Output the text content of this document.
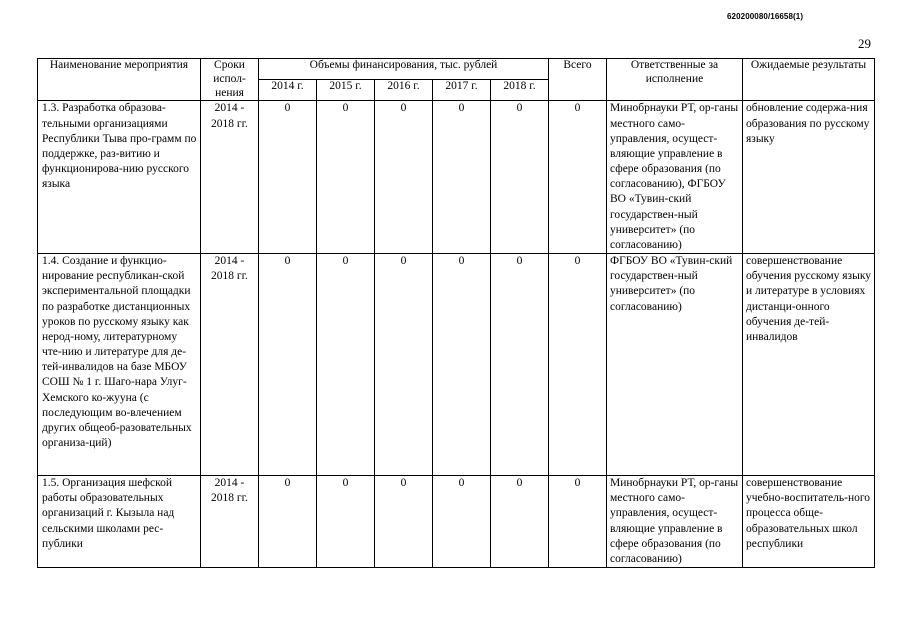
620200080/16658(1)
29
Наименование мероприятия	Сроки испол-нения	Объемы финансирования, тыс. рублей					Всего	Ответственные за исполнение	Ожидаемые результаты
		2014 г.	2015 г.	2016 г.	2017 г.	2018 г.			
1.3. Разработка образова-тельными организациями Республики Тыва про-грамм по поддержке, раз-витию и функционирова-нию русского языка	2014 - 2018 гг.	0	0	0	0	0	0	Минобрнауки РТ, ор-ганы местного само-управления, осущест-вляющие управление в сфере образования (по согласованию), ФГБОУ ВО «Тувин-ский государствен-ный университет» (по согласованию)	обновление содержа-ния образования по русскому языку
1.4. Создание и функцио-нирование республикан-ской экспериментальной площадки по разработке дистанционных уроков по русскому языку как нерод-ному, литературному чте-нию и литературе для де-тей-инвалидов на базе МБОУ СОШ № 1 г. Шаго-нара Улуг-Хемского ко-жууна (с последующим во-влечением других общеоб-разовательных организа-ций)	2014 - 2018 гг.	0	0	0	0	0	0	ФГБОУ ВО «Тувин-ский государствен-ный университет» (по согласованию)	совершенствование обучения русскому языку и литературе в условиях дистанци-онного обучения де-тей-инвалидов
1.5. Организация шефской работы образовательных организаций г. Кызыла над сельскими школами рес-публики	2014 - 2018 гг.	0	0	0	0	0	0	Минобрнауки РТ, ор-ганы местного само-управления, осущест-вляющие управление в сфере образования (по согласованию)	совершенствование учебно-воспитатель-ного процесса обще-образовательных школ республики
